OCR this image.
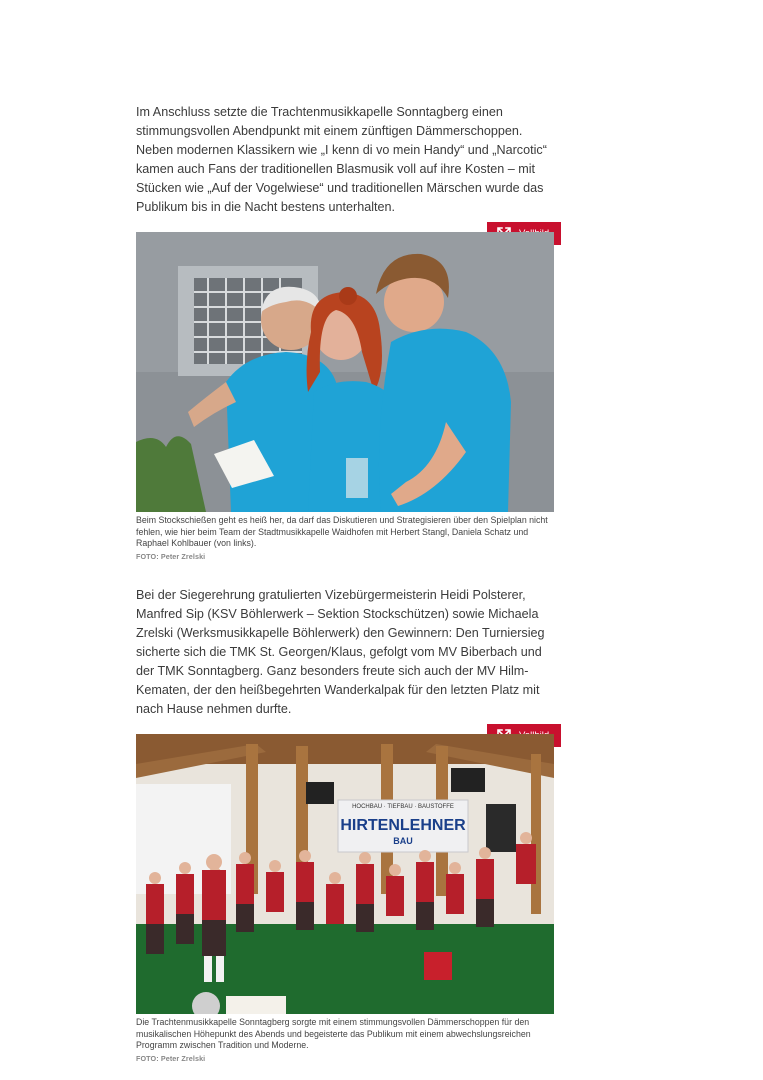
Im Anschluss setzte die Trachtenmusikkapelle Sonntagberg einen stimmungsvollen Abendpunkt mit einem zünftigen Dämmerschoppen. Neben modernen Klassikern wie „I kenn di vo mein Handy“ und „Narcotic“ kamen auch Fans der traditionellen Blasmusik voll auf ihre Kosten – mit Stücken wie „Auf der Vogelwiese“ und traditionellen Märschen wurde das Publikum bis in die Nacht bestens unterhalten.

Beim Stockschießen geht es heiß her, da darf das Diskutieren und Strategisieren über den Spielplan nicht fehlen, wie hier beim Team der Stadtmusikkapelle Waidhofen mit Herbert Stangl, Daniela Schatz und Raphael Kohlbauer (von links).
FOTO: Peter Zrelski

Bei der Siegerehrung gratulierten Vizebürgermeisterin Heidi Polsterer, Manfred Sip (KSV Böhlerwerk – Sektion Stockschützen) sowie Michaela Zrelski (Werksmusikkapelle Böhlerwerk) den Gewinnern: Den Turniersieg sicherte sich die TMK St. Georgen/Klaus, gefolgt vom MV Biberbach und der TMK Sonntagberg. Ganz besonders freute sich auch der MV Hilm-Kematen, der den heißbegehrten Wanderkalpak für den letzten Platz mit nach Hause nehmen durfte.

HOCHBAU · TIEFBAU · BAUSTOFFE
HIRTENLEHNER
BAU
Die Trachtenmusikkapelle Sonntagberg sorgte mit einem stimmungsvollen Dämmerschoppen für den musikalischen Höhepunkt des Abends und begeisterte das Publikum mit einem abwechslungsreichen Programm zwischen Tradition und Moderne.
FOTO: Peter Zrelski
